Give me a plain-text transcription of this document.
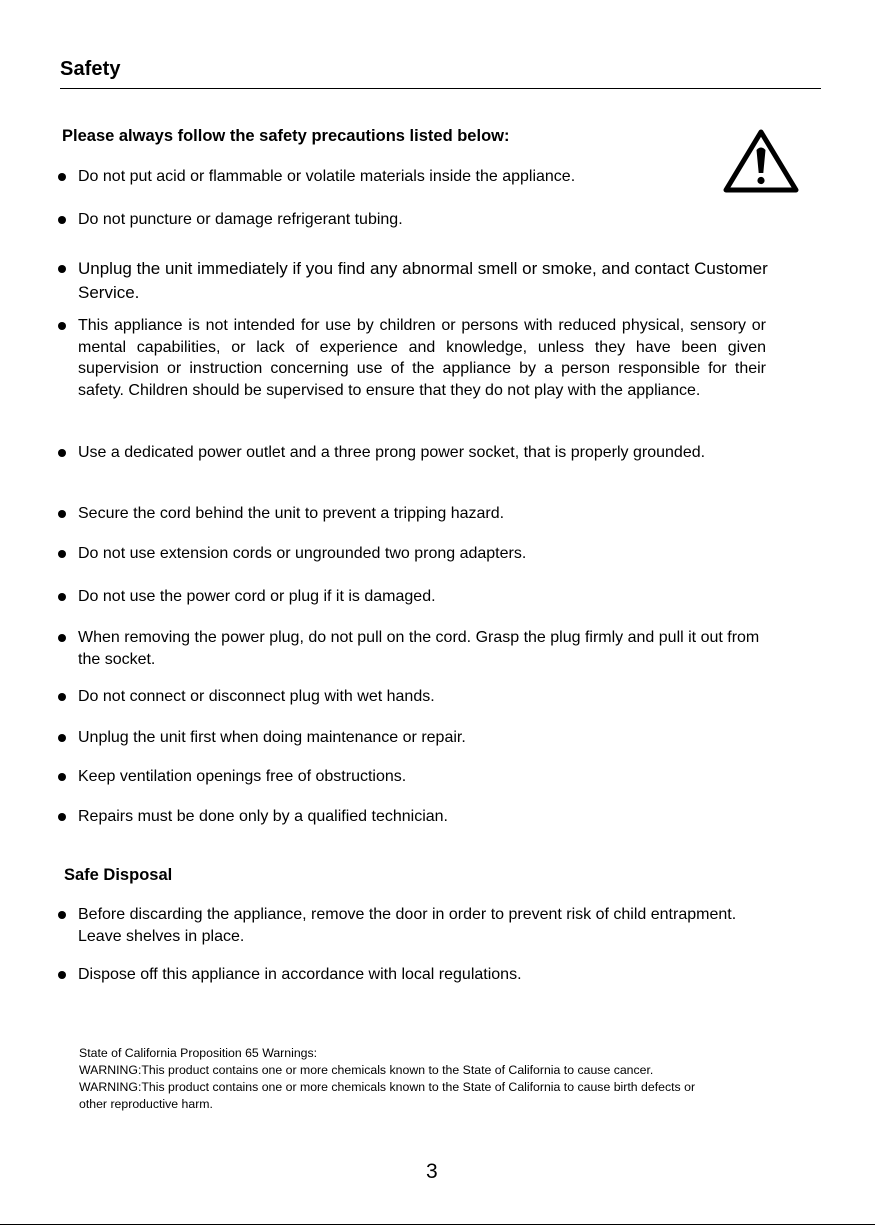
Safety
Please always follow the safety precautions listed below:
Do not put acid or flammable or volatile materials inside the appliance.
Do not puncture or damage refrigerant tubing.
Unplug the unit immediately if you find any abnormal smell or smoke, and contact Customer Service.
This appliance is not intended for use by children or persons with reduced physical, sensory or mental capabilities, or lack of experience and knowledge, unless they have been given supervision or instruction concerning use of the appliance by a person responsible for their safety. Children should be supervised to ensure that they do not play with the appliance.
Use a dedicated power outlet and a three prong power socket, that is properly grounded.
Secure the cord behind the unit to prevent a tripping hazard.
Do not use extension cords or ungrounded two prong adapters.
Do not use the power cord or plug if it is damaged.
When removing the power plug, do not pull on the cord. Grasp the plug firmly and pull it out from the socket.
Do not connect or disconnect plug with wet hands.
Unplug the unit first when doing maintenance or repair.
Keep ventilation openings free of obstructions.
Repairs must be done only by a qualified technician.
Safe Disposal
Before discarding the appliance, remove the door in order to prevent risk of child entrapment. Leave shelves in place.
Dispose off this appliance in accordance with local regulations.
State of California Proposition 65 Warnings:
WARNING:This product contains one or more chemicals known to the State of California to cause cancer.
WARNING:This product contains one or more chemicals known to the State of California to cause birth defects or
other reproductive harm.
3
